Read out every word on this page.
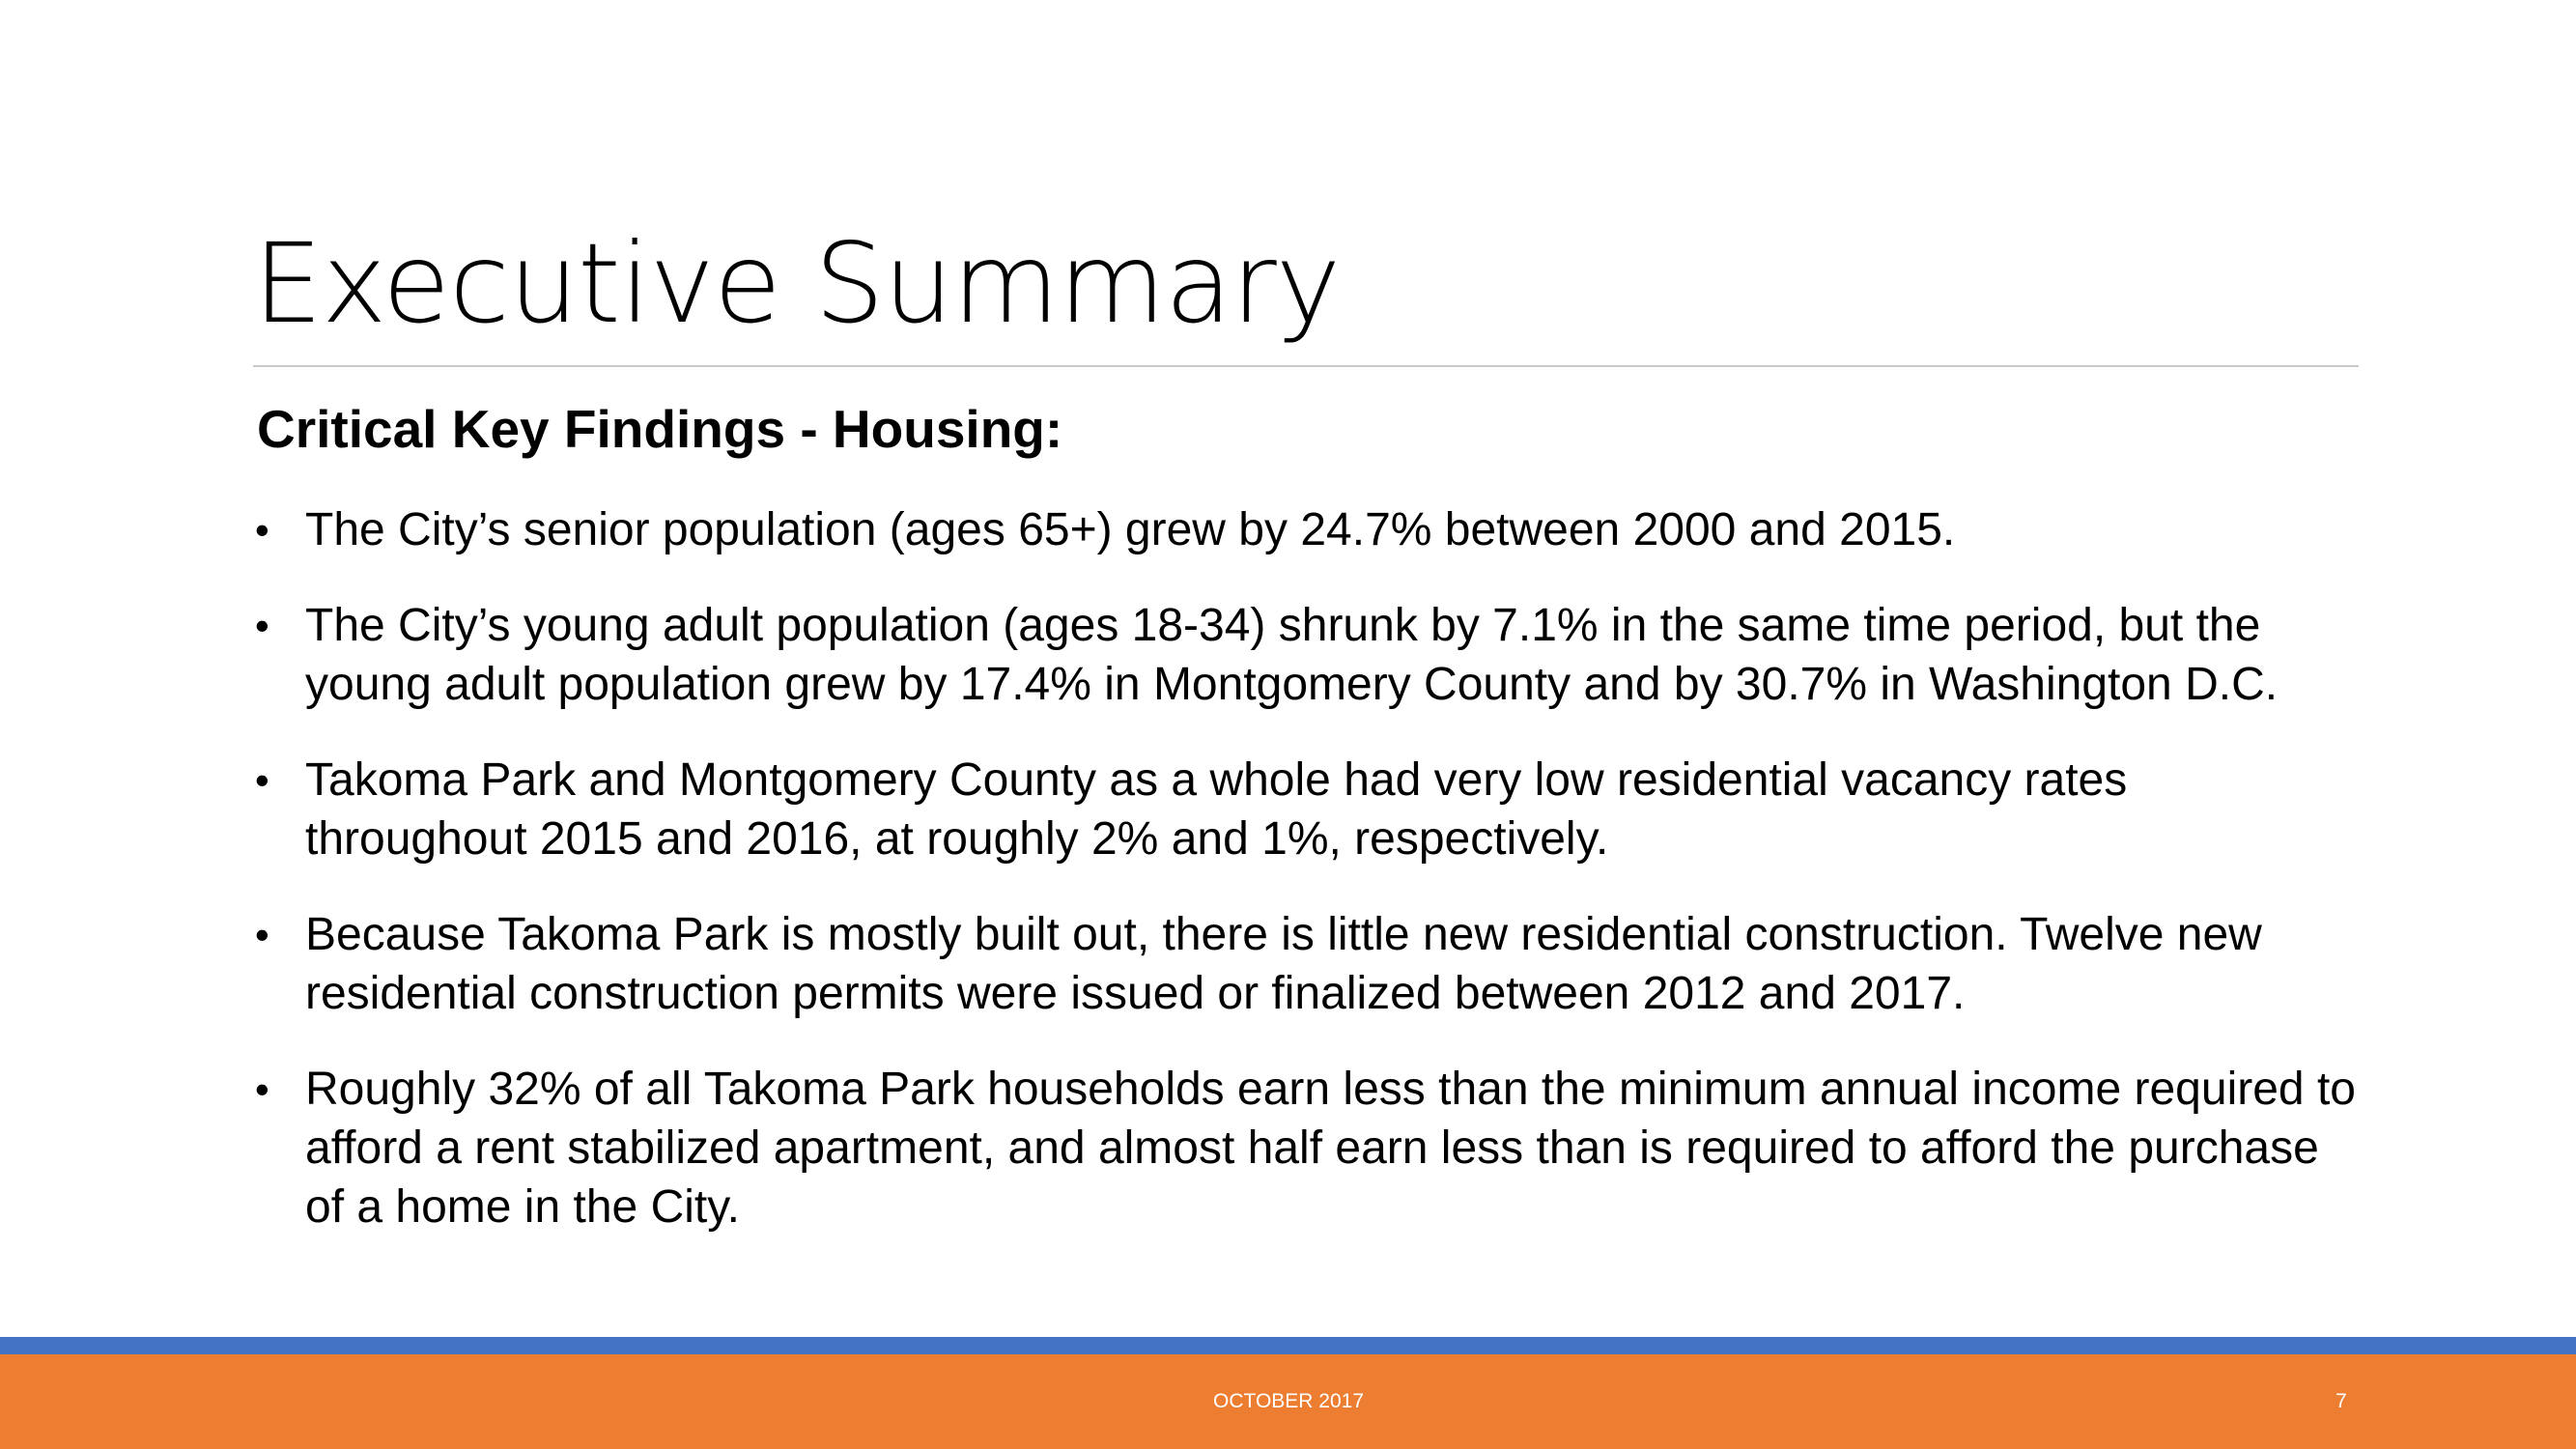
Executive Summary
Critical Key Findings - Housing:
• The City’s senior population (ages 65+) grew by 24.7% between 2000 and 2015.
• The City’s young adult population (ages 18-34) shrunk by 7.1% in the same time period, but the young adult population grew by 17.4% in Montgomery County and by 30.7% in Washington D.C.
• Takoma Park and Montgomery County as a whole had very low residential vacancy rates throughout 2015 and 2016, at roughly 2% and 1%, respectively.
• Because Takoma Park is mostly built out, there is little new residential construction. Twelve new residential construction permits were issued or finalized between 2012 and 2017.
• Roughly 32% of all Takoma Park households earn less than the minimum annual income required to afford a rent stabilized apartment, and almost half earn less than is required to afford the purchase of a home in the City.
OCTOBER 2017	7
